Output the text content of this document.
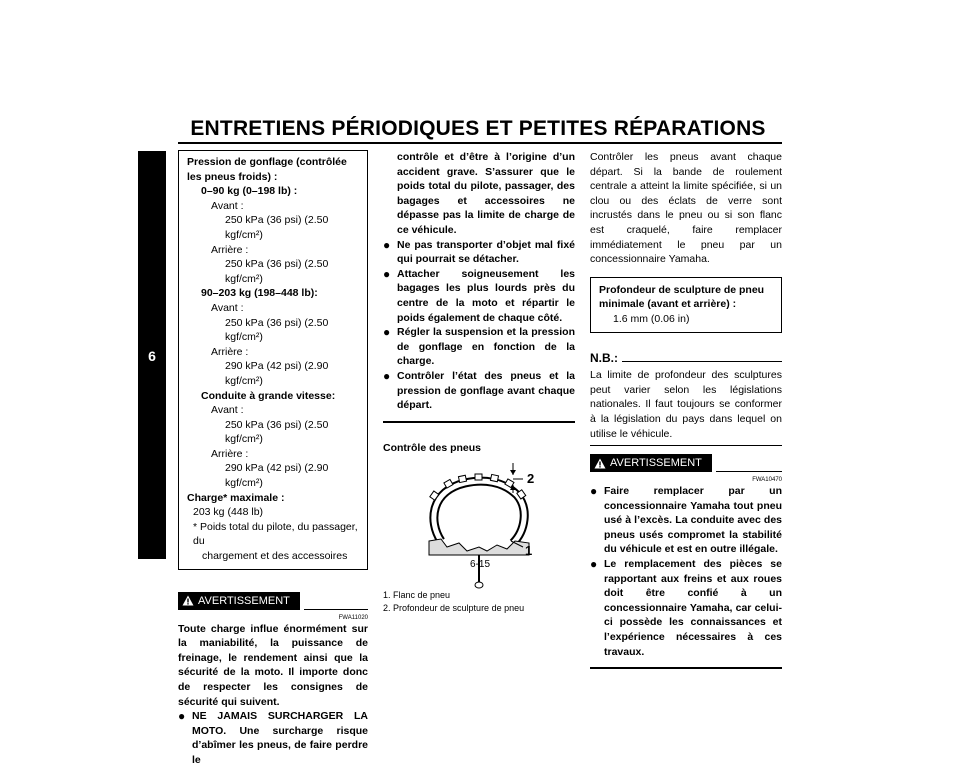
ENTRETIENS PÉRIODIQUES ET PETITES RÉPARATIONS
6
Pression de gonflage (contrôlée les pneus froids) :
0–90 kg (0–198 lb) :
Avant :
250 kPa (36 psi) (2.50 kgf/cm²)
Arrière :
250 kPa (36 psi) (2.50 kgf/cm²)
90–203 kg (198–448 lb):
Avant :
250 kPa (36 psi) (2.50 kgf/cm²)
Arrière :
290 kPa (42 psi) (2.90 kgf/cm²)
Conduite à grande vitesse:
Avant :
250 kPa (36 psi) (2.50 kgf/cm²)
Arrière :
290 kPa (42 psi) (2.90 kgf/cm²)
Charge* maximale :
203 kg (448 lb)
* Poids total du pilote, du passager, du
chargement et des accessoires
AVERTISSEMENT
FWA11020
Toute charge influe énormément sur la maniabilité, la puissance de freinage, le rendement ainsi que la sécurité de la moto. Il importe donc de respecter les consignes de sécurité qui suivent.
● NE JAMAIS SURCHARGER LA MOTO. Une surcharge risque d’abîmer les pneus, de faire perdre le
contrôle et d’être à l’origine d’un accident grave. S’assurer que le poids total du pilote, passager, des bagages et accessoires ne dépasse pas la limite de charge de ce véhicule.
● Ne pas transporter d’objet mal fixé qui pourrait se détacher.
● Attacher soigneusement les bagages les plus lourds près du centre de la moto et répartir le poids également de chaque côté.
● Régler la suspension et la pression de gonflage en fonction de la charge.
● Contrôler l’état des pneus et la pression de gonflage avant chaque départ.
Contrôle des pneus
2
1
1. Flanc de pneu
2. Profondeur de sculpture de pneu
Contrôler les pneus avant chaque départ. Si la bande de roulement centrale a atteint la limite spécifiée, si un clou ou des éclats de verre sont incrustés dans le pneu ou si son flanc est craquelé, faire remplacer immédiatement le pneu par un concessionnaire Yamaha.
Profondeur de sculpture de pneu minimale (avant et arrière) :
1.6 mm (0.06 in)
N.B.:
La limite de profondeur des sculptures peut varier selon les législations nationales. Il faut toujours se conformer à la législation du pays dans lequel on utilise le véhicule.
AVERTISSEMENT
FWA10470
● Faire remplacer par un concessionnaire Yamaha tout pneu usé à l’excès. La conduite avec des pneus usés compromet la stabilité du véhicule et est en outre illégale.
● Le remplacement des pièces se rapportant aux freins et aux roues doit être confié à un concessionnaire Yamaha, car celui-ci possède les connaissances et l’expérience nécessaires à ces travaux.
6-15
